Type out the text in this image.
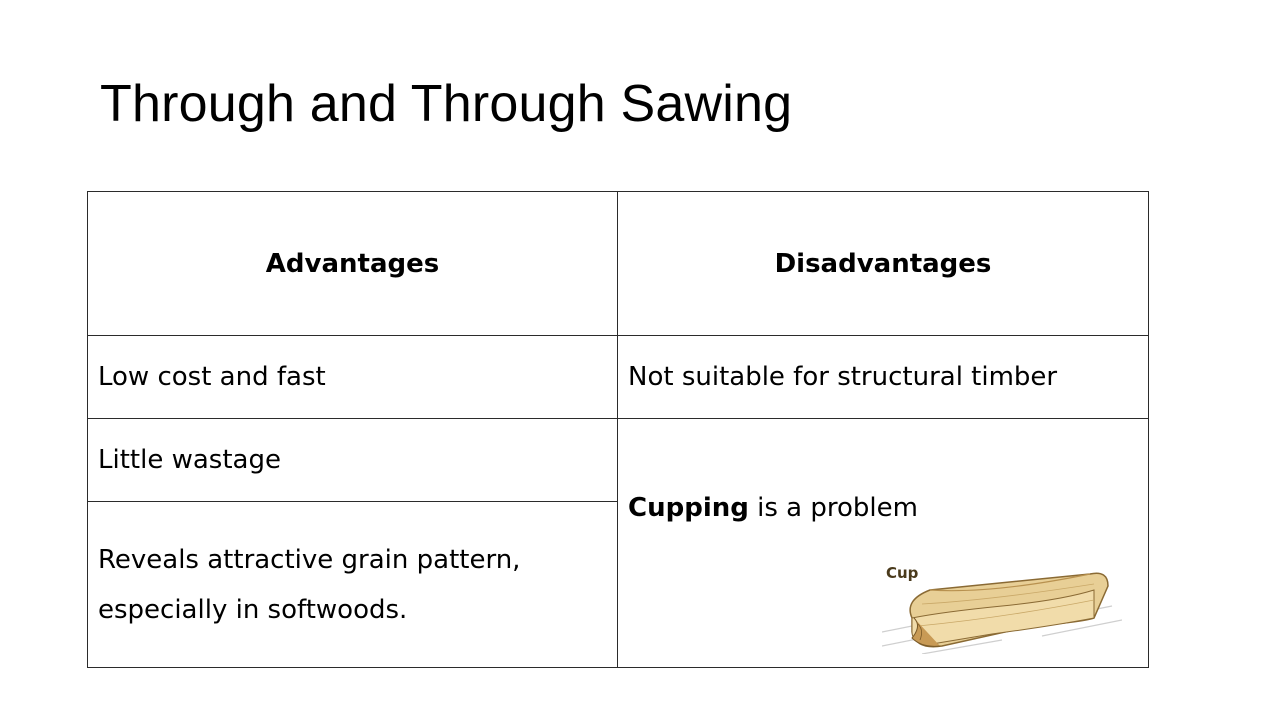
Through and Through Sawing
Advantages	Disadvantages
Low cost and fast	Not suitable for structural timber
Little wastage	Cupping is a problem
Cup

Reveals attractive grain pattern, especially in softwoods.	
